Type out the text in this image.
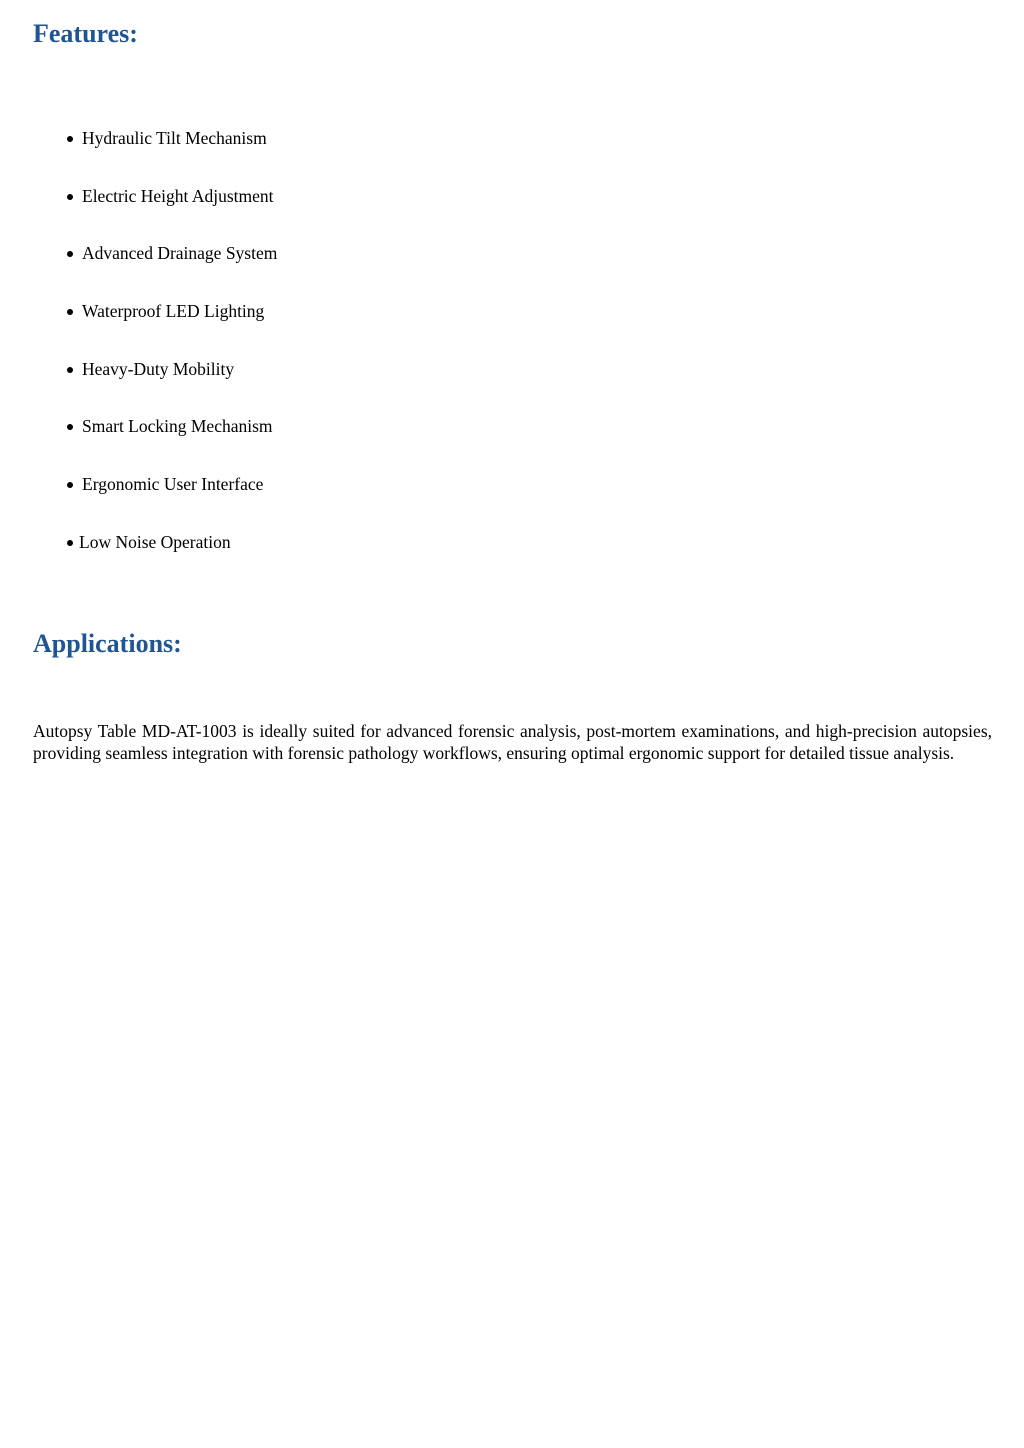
Features:
Hydraulic Tilt Mechanism
Electric Height Adjustment
Advanced Drainage System
Waterproof LED Lighting
Heavy-Duty Mobility
Smart Locking Mechanism
Ergonomic User Interface
Low Noise Operation
Applications:

Autopsy Table MD-AT-1003 is ideally suited for advanced forensic analysis, post-mortem examinations, and high-precision autopsies, providing seamless integration with forensic pathology workflows, ensuring optimal ergonomic support for detailed tissue analysis.
